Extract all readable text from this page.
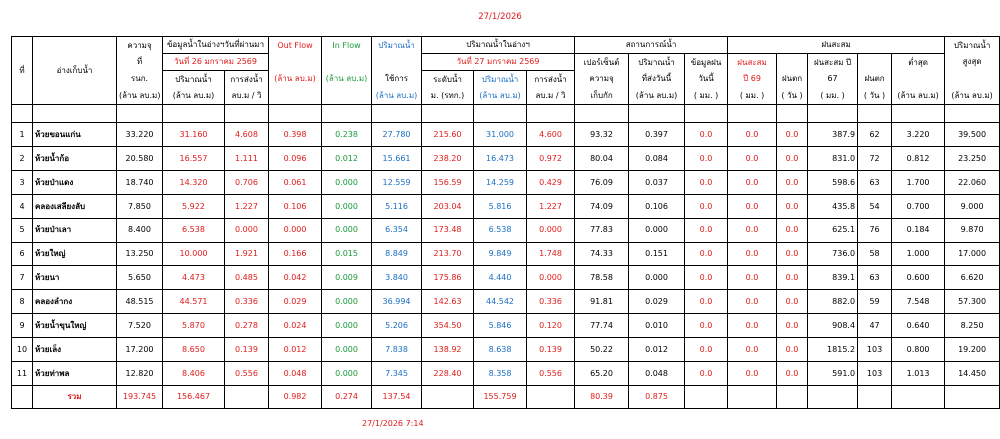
27/1/2026
ที่	อ่างเก็บน้ำ	ความจุ	ข้อมูลน้ำในอ่างฯวันที่ผ่านมา		Out Flow	In Flow	ปริมาณน้ำ	ปริมาณน้ำในอ่างฯ			สถานการณ์น้ำ			ฝนสะสม					ปริมาณน้ำ	
		ที่	วันที่ 26 มกราคม 2569					วันที่ 27 มกราคม 2569			เปอร์เซ็นต์	ปริมาณน้ำ	ข้อมูลฝน	ฝนสะสม		ฝนสะสม ปี		ต่ำสุด	สูงสุด	
		รนก.	ปริมาณน้ำ	การส่งน้ำ	(ล้าน ลบ.ม)	(ล้าน ลบ.ม)	ใช้การ	ระดับน้ำ	ปริมาณน้ำ	การส่งน้ำ	ความจุ	ที่ส่งวันนี้	วันนี้	ปี 69	ฝนตก	67	ฝนตก			
		(ล้าน ลบ.ม)	(ล้าน ลบ.ม)	ลบ.ม / วิ			(ล้าน ลบ.ม)	ม. (รทก.)	(ล้าน ลบ.ม)	ลบ.ม / วิ	เก็บกัก	(ล้าน ลบ.ม)	( มม. )	( มม. )	( วัน )	( มม. )	( วัน )	(ล้าน ลบ.ม)	(ล้าน ลบ.ม)	

1	ห้วยขอนแก่น	33.220	31.160	4.608	0.398	0.238	27.780	215.60	31.000	4.600	93.32	0.397	0.0	0.0	0.0	387.9	62	3.220	39.500	
2	ห้วยน้ำก้อ	20.580	16.557	1.111	0.096	0.012	15.661	238.20	16.473	0.972	80.04	0.084	0.0	0.0	0.0	831.0	72	0.812	23.250	
3	ห้วยป่าแดง	18.740	14.320	0.706	0.061	0.000	12.559	156.59	14.259	0.429	76.09	0.037	0.0	0.0	0.0	598.6	63	1.700	22.060	
4	คลองเสลียงลับ	7.850	5.922	1.227	0.106	0.000	5.116	203.04	5.816	1.227	74.09	0.106	0.0	0.0	0.0	435.8	54	0.700	9.000	
5	ห้วยป่าเลา	8.400	6.538	0.000	0.000	0.000	6.354	173.48	6.538	0.000	77.83	0.000	0.0	0.0	0.0	625.1	76	0.184	9.870	
6	ห้วยใหญ่	13.250	10.000	1.921	0.166	0.015	8.849	213.70	9.849	1.748	74.33	0.151	0.0	0.0	0.0	736.0	58	1.000	17.000	
7	ห้วยนา	5.650	4.473	0.485	0.042	0.009	3.840	175.86	4.440	0.000	78.58	0.000	0.0	0.0	0.0	839.1	63	0.600	6.620	
8	คลองลำกง	48.515	44.571	0.336	0.029	0.000	36.994	142.63	44.542	0.336	91.81	0.029	0.0	0.0	0.0	882.0	59	7.548	57.300	
9	ห้วยน้ำขุนใหญ่	7.520	5.870	0.278	0.024	0.000	5.206	354.50	5.846	0.120	77.74	0.010	0.0	0.0	0.0	908.4	47	0.640	8.250	
10	ห้วยเล็ง	17.200	8.650	0.139	0.012	0.000	7.838	138.92	8.638	0.139	50.22	0.012	0.0	0.0	0.0	1815.2	103	0.800	19.200	
11	ห้วยท่าพล	12.820	8.406	0.556	0.048	0.000	7.345	228.40	8.358	0.556	65.20	0.048	0.0	0.0	0.0	591.0	103	1.013	14.450	
	รวม	193.745	156.467		0.982	0.274	137.54		155.759		80.39	0.875								
27/1/2026 7:14
